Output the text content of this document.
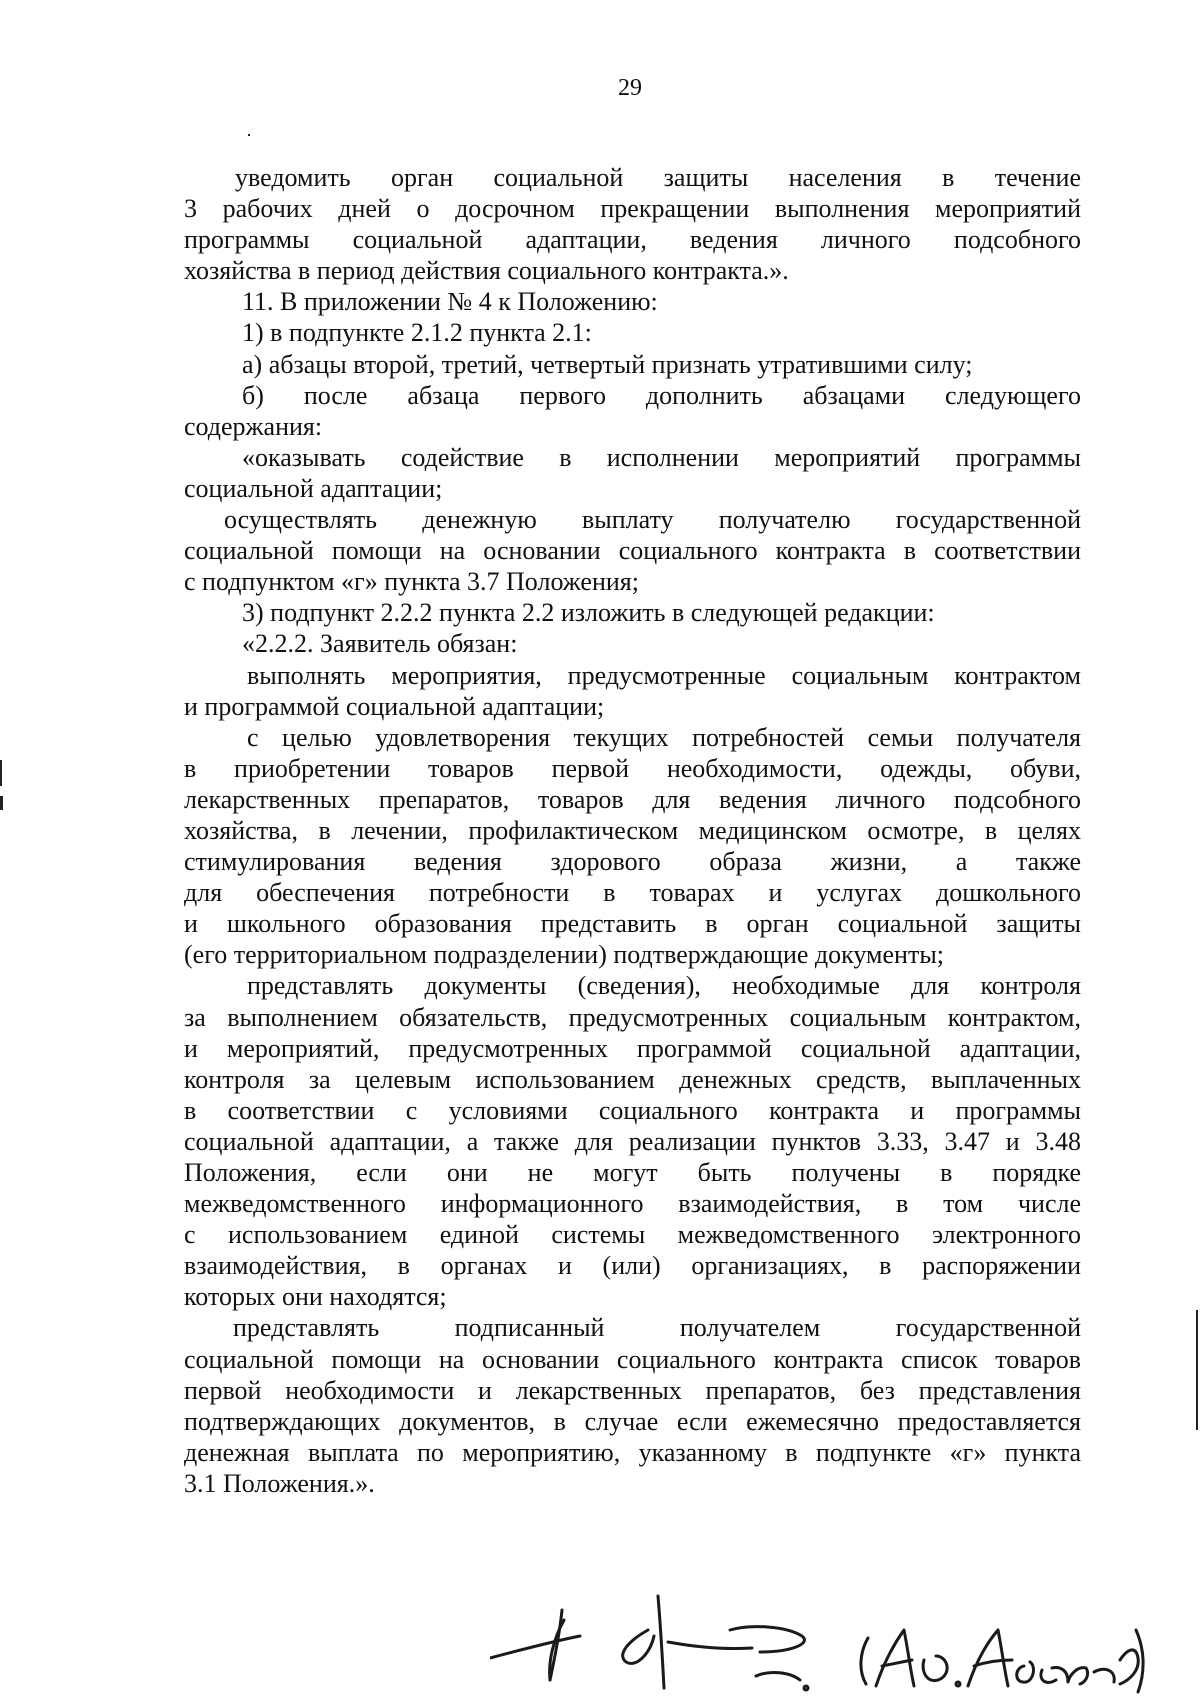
29

уведомить орган социальной защиты населения в течение

3 рабочих дней о досрочном прекращении выполнения мероприятий

программы социальной адаптации, ведения личного подсобного

хозяйства в период действия социального контракта.».

11. В приложении № 4 к Положению:

1) в подпункте 2.1.2 пункта 2.1:

а) абзацы второй, третий, четвертый признать утратившими силу;

б) после абзаца первого дополнить абзацами следующего

содержания:

«оказывать содействие в исполнении мероприятий программы

социальной адаптации;

осуществлять денежную выплату получателю государственной

социальной помощи на основании социального контракта в соответствии

с подпунктом «г» пункта 3.7 Положения;

3) подпункт 2.2.2 пункта 2.2 изложить в следующей редакции:

«2.2.2. Заявитель обязан:

выполнять мероприятия, предусмотренные социальным контрактом

и программой социальной адаптации;

с целью удовлетворения текущих потребностей семьи получателя

в приобретении товаров первой необходимости, одежды, обуви,

лекарственных препаратов, товаров для ведения личного подсобного

хозяйства, в лечении, профилактическом медицинском осмотре, в целях

стимулирования ведения здорового образа жизни, а также

для обеспечения потребности в товарах и услугах дошкольного

и школьного образования представить в орган социальной защиты

(его территориальном подразделении) подтверждающие документы;

представлять документы (сведения), необходимые для контроля

за выполнением обязательств, предусмотренных социальным контрактом,

и мероприятий, предусмотренных программой социальной адаптации,

контроля за целевым использованием денежных средств, выплаченных

в соответствии с условиями социального контракта и программы

социальной адаптации, а также для реализации пунктов 3.33, 3.47 и 3.48

Положения, если они не могут быть получены в порядке

межведомственного информационного взаимодействия, в том числе

с использованием единой системы межведомственного электронного

взаимодействия, в органах и (или) организациях, в распоряжении

которых они находятся;

представлять подписанный получателем государственной

социальной помощи на основании социального контракта список товаров

первой необходимости и лекарственных препаратов, без представления

подтверждающих документов, в случае если ежемесячно предоставляется

денежная выплата по мероприятию, указанному в подпункте «г» пункта

3.1 Положения.».
